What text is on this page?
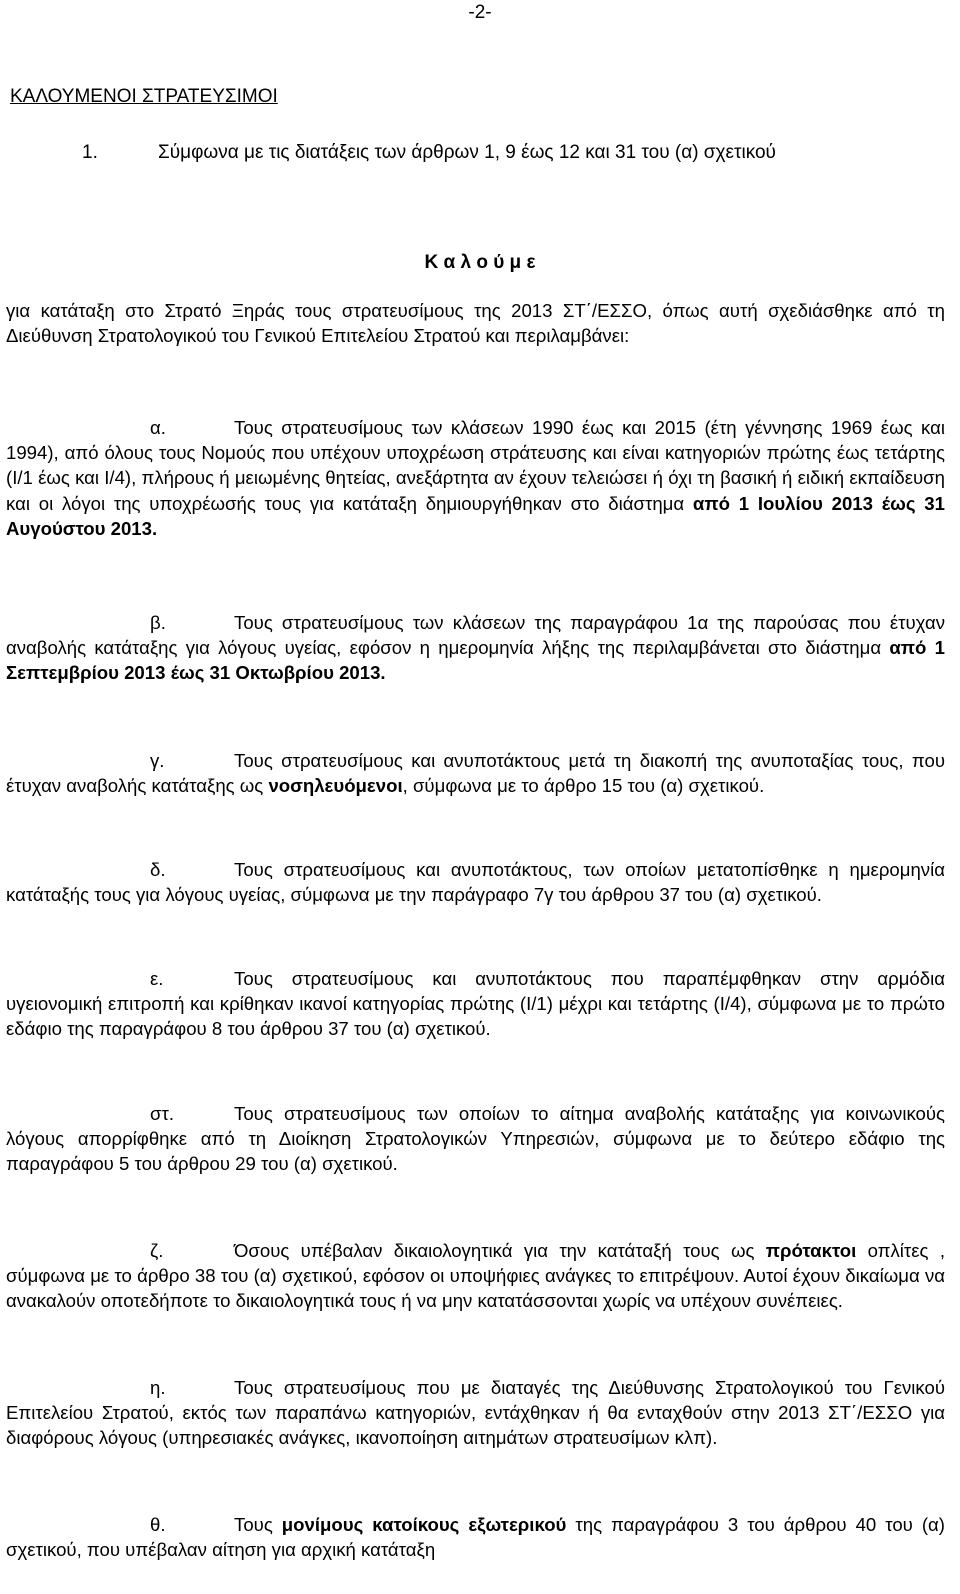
-2-
ΚΑΛΟΥΜΕΝΟΙ ΣΤΡΑΤΕΥΣΙΜΟΙ
1.	Σύμφωνα με τις διατάξεις των άρθρων 1, 9 έως 12 και 31 του (α) σχετικού
Κ α λ ο ύ μ ε
για κατάταξη στο Στρατό Ξηράς τους στρατευσίμους της 2013 ΣΤ΄/ΕΣΣΟ, όπως αυτή σχεδιάσθηκε από τη Διεύθυνση Στρατολογικού του Γενικού Επιτελείου Στρατού και περιλαμβάνει:
α.	Τους στρατευσίμους των κλάσεων 1990 έως και 2015 (έτη γέννησης 1969 έως και 1994), από όλους τους Νομούς που υπέχουν υποχρέωση στράτευσης και είναι κατηγοριών πρώτης έως τετάρτης (Ι/1 έως και Ι/4), πλήρους ή μειωμένης θητείας, ανεξάρτητα αν έχουν τελειώσει ή όχι τη βασική ή ειδική εκπαίδευση και οι λόγοι της υποχρέωσής τους για κατάταξη δημιουργήθηκαν στο διάστημα από 1 Ιουλίου 2013 έως 31 Αυγούστου 2013.
β.	Τους στρατευσίμους των κλάσεων της παραγράφου 1α της παρούσας που έτυχαν αναβολής κατάταξης για λόγους υγείας, εφόσον η ημερομηνία λήξης της περιλαμβάνεται στο διάστημα από 1 Σεπτεμβρίου 2013 έως 31 Οκτωβρίου 2013.
γ.	Τους στρατευσίμους και ανυποτάκτους μετά τη διακοπή της ανυποταξίας τους, που έτυχαν αναβολής κατάταξης ως νοσηλευόμενοι, σύμφωνα με το άρθρο 15 του (α) σχετικού.
δ.	Τους στρατευσίμους και ανυποτάκτους, των οποίων μετατοπίσθηκε η ημερομηνία κατάταξής τους για λόγους υγείας, σύμφωνα με την παράγραφο 7γ του άρθρου 37 του (α) σχετικού.
ε.	Τους στρατευσίμους και ανυποτάκτους που παραπέμφθηκαν στην αρμόδια υγειονομική επιτροπή και κρίθηκαν ικανοί κατηγορίας πρώτης (Ι/1) μέχρι και τετάρτης (Ι/4), σύμφωνα με το πρώτο εδάφιο της παραγράφου 8 του άρθρου 37 του (α) σχετικού.
στ.	Τους στρατευσίμους των οποίων το αίτημα αναβολής κατάταξης για κοινωνικούς λόγους απορρίφθηκε από τη Διοίκηση Στρατολογικών Υπηρεσιών, σύμφωνα με το δεύτερο εδάφιο της παραγράφου 5 του άρθρου 29 του (α) σχετικού.
ζ.	Όσους υπέβαλαν δικαιολογητικά για την κατάταξή τους ως πρότακτοι οπλίτες , σύμφωνα με το άρθρο 38 του (α) σχετικού, εφόσον οι υποψήφιες ανάγκες το επιτρέψουν. Αυτοί έχουν δικαίωμα να ανακαλούν οποτεδήποτε το δικαιολογητικά τους ή να μην κατατάσσονται χωρίς να υπέχουν συνέπειες.
η.	Τους στρατευσίμους που με διαταγές της Διεύθυνσης Στρατολογικού του Γενικού Επιτελείου Στρατού, εκτός των παραπάνω κατηγοριών, εντάχθηκαν ή θα ενταχθούν στην 2013 ΣΤ΄/ΕΣΣΟ για διαφόρους λόγους (υπηρεσιακές ανάγκες, ικανοποίηση αιτημάτων στρατευσίμων κλπ).
θ.	Τους μονίμους κατοίκους εξωτερικού της παραγράφου 3 του άρθρου 40 του (α) σχετικού, που υπέβαλαν αίτηση για αρχική κατάταξη
